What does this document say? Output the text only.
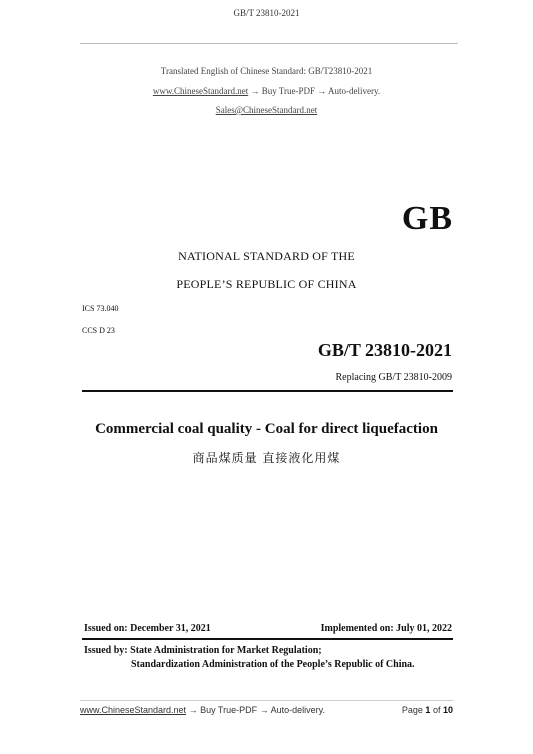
GB/T 23810-2021
Translated English of Chinese Standard: GB/T23810-2021
www.ChineseStandard.net → Buy True-PDF → Auto-delivery.
Sales@ChineseStandard.net
GB
NATIONAL STANDARD OF THE
PEOPLE’S REPUBLIC OF CHINA
ICS 73.040
CCS D 23
GB/T 23810-2021
Replacing GB/T 23810-2009
Commercial coal quality - Coal for direct liquefaction
商品煤质量 直接液化用煤
Issued on: December 31, 2021	Implemented on: July 01, 2022
Issued by: State Administration for Market Regulation;
Standardization Administration of the People’s Republic of China.
www.ChineseStandard.net → Buy True-PDF → Auto-delivery.	Page 1 of 10
